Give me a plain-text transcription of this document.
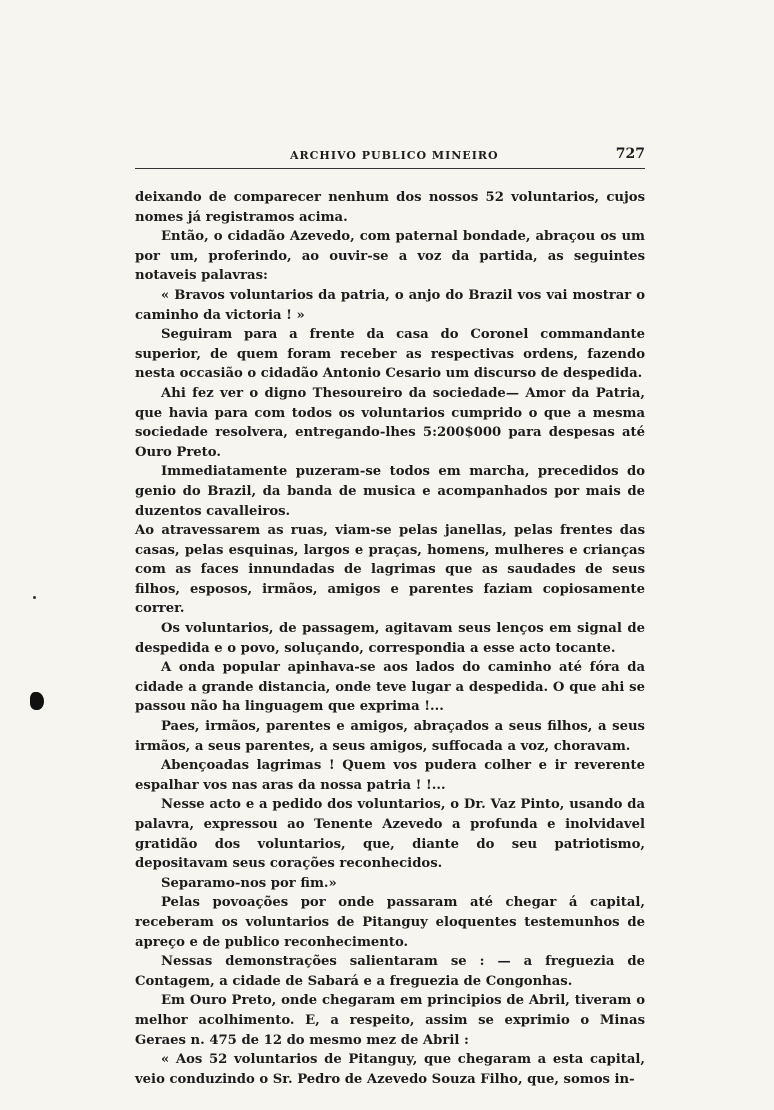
ARCHIVO PUBLICO MINEIRO	727

deixando de comparecer nenhum dos nossos 52 voluntarios, cujos nomes já registramos acima.

Então, o cidadão Azevedo, com paternal bondade, abraçou os um por um, proferindo, ao ouvir-se a voz da partida, as seguintes notaveis palavras:

« Bravos voluntarios da patria, o anjo do Brazil vos vai mostrar o caminho da victoria ! »

Seguiram para a frente da casa do Coronel commandante superior, de quem foram receber as respectivas ordens, fazendo nesta occasião o cidadão Antonio Cesario um discurso de despedida.

Ahi fez ver o digno Thesoureiro da sociedade— Amor da Patria, que havia para com todos os voluntarios cumprido o que a mesma sociedade resolvera, entregando-lhes 5:200$000 para despesas até Ouro Preto.

Immediatamente puzeram-se todos em marcha, precedidos do genio do Brazil, da banda de musica e acompanhados por mais de duzentos cavalleiros.

Ao atravessarem as ruas, viam-se pelas janellas, pelas frentes das casas, pelas esquinas, largos e praças, homens, mulheres e crianças com as faces innundadas de lagrimas que as saudades de seus filhos, esposos, irmãos, amigos e parentes faziam copiosamente correr.

Os voluntarios, de passagem, agitavam seus lenços em signal de despedida e o povo, soluçando, correspondia a esse acto tocante.

A onda popular apinhava-se aos lados do caminho até fóra da cidade a grande distancia, onde teve lugar a despedida. O que ahi se passou não ha linguagem que exprima !...

Paes, irmãos, parentes e amigos, abraçados a seus filhos, a seus irmãos, a seus parentes, a seus amigos, suffocada a voz, choravam.

Abençoadas lagrimas ! Quem vos pudera colher e ir reverente espalhar vos nas aras da nossa patria ! !...

Nesse acto e a pedido dos voluntarios, o Dr. Vaz Pinto, usando da palavra, expressou ao Tenente Azevedo a profunda e inolvidavel gratidão dos voluntarios, que, diante do seu patriotismo, depositavam seus corações reconhecidos.

Separamo-nos por fim.»

Pelas povoações por onde passaram até chegar á capital, receberam os voluntarios de Pitanguy eloquentes testemunhos de apreço e de publico reconhecimento.

Nessas demonstrações salientaram se : — a freguezia de Contagem, a cidade de Sabará e a freguezia de Congonhas.

Em Ouro Preto, onde chegaram em principios de Abril, tiveram o melhor acolhimento. E, a respeito, assim se exprimio o Minas Geraes n. 475 de 12 do mesmo mez de Abril :

« Aos 52 voluntarios de Pitanguy, que chegaram a esta capital, veio conduzindo o Sr. Pedro de Azevedo Souza Filho, que, somos in-
